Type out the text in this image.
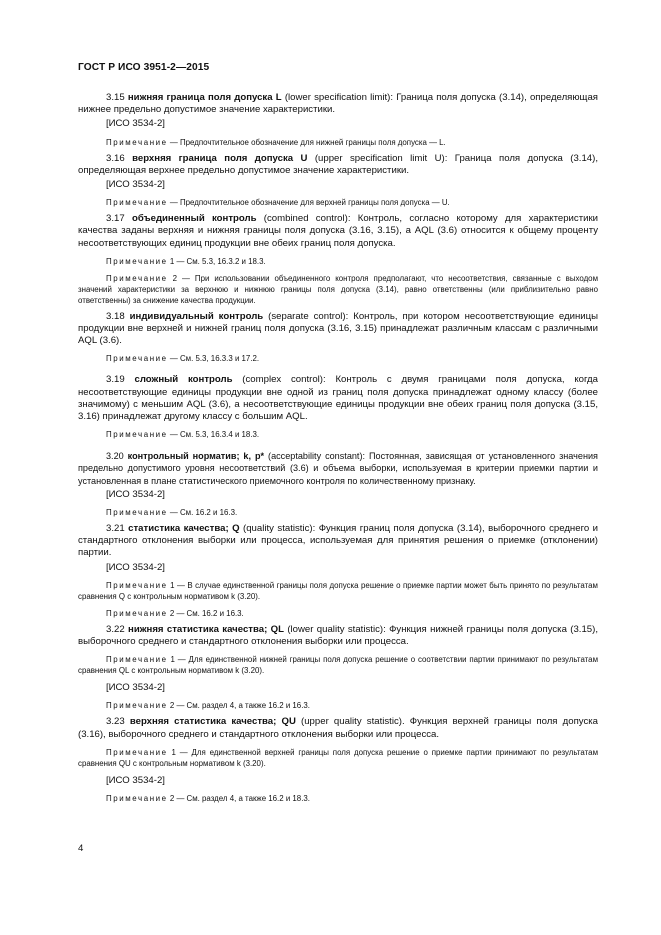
ГОСТ Р ИСО 3951-2—2015

3.15 нижняя граница поля допуска L (lower specification limit): Граница поля допуска (3.14), определяющая нижнее предельно допустимое значение характеристики.

[ИСО 3534-2]

Примечание — Предпочтительное обозначение для нижней границы поля допуска — L.

3.16 верхняя граница поля допуска U (upper specification limit U): Граница поля допуска (3.14), определяющая верхнее предельно допустимое значение характеристики.

[ИСО 3534-2]

Примечание — Предпочтительное обозначение для верхней границы поля допуска — U.

3.17 объединенный контроль (combined control): Контроль, согласно которому для характеристики качества заданы верхняя и нижняя границы поля допуска (3.16, 3.15), а AQL (3.6) относится к общему проценту несоответствующих единиц продукции вне обеих границ поля допуска.

Примечание 1 — См. 5.3, 16.3.2 и 18.3.

Примечание 2 — При использовании объединенного контроля предполагают, что несоответствия, связанные с выходом значений характеристики за верхнюю и нижнюю границы поля допуска (3.14), равно ответственны (или приблизительно равно ответственны) за снижение качества продукции.

3.18 индивидуальный контроль (separate control): Контроль, при котором несоответствующие единицы продукции вне верхней и нижней границ поля допуска (3.16, 3.15) принадлежат различным классам с различными AQL (3.6).

Примечание — См. 5.3, 16.3.3 и 17.2.

3.19 сложный контроль (complex control): Контроль с двумя границами поля допуска, когда несоответствующие единицы продукции вне одной из границ поля допуска принадлежат одному классу (более значимому) с меньшим AQL (3.6), а несоответствующие единицы продукции вне обеих границ поля допуска (3.15, 3.16) принадлежат другому классу с большим AQL.

Примечание — См. 5.3, 16.3.4 и 18.3.

3.20 контрольный норматив; k, p* (acceptability constant): Постоянная, зависящая от установленного значения предельно допустимого уровня несоответствий (3.6) и объема выборки, используемая в критерии приемки партии и установленная в плане статистического приемочного контроля по количественному признаку.

[ИСО 3534-2]

Примечание — См. 16.2 и 16.3.

3.21 статистика качества; Q (quality statistic): Функция границ поля допуска (3.14), выборочного среднего и стандартного отклонения выборки или процесса, используемая для принятия решения о приемке (отклонении) партии.

[ИСО 3534-2]

Примечание 1 — В случае единственной границы поля допуска решение о приемке партии может быть принято по результатам сравнения Q с контрольным нормативом k (3.20).

Примечание 2 — См. 16.2 и 16.3.

3.22 нижняя статистика качества; QL (lower quality statistic): Функция нижней границы поля допуска (3.15), выборочного среднего и стандартного отклонения выборки или процесса.

Примечание 1 — Для единственной нижней границы поля допуска решение о соответствии партии принимают по результатам сравнения QL с контрольным нормативом k (3.20).

[ИСО 3534-2]

Примечание 2 — См. раздел 4, а также 16.2 и 16.3.

3.23 верхняя статистика качества; QU (upper quality statistic). Функция верхней границы поля допуска (3.16), выборочного среднего и стандартного отклонения выборки или процесса.

Примечание 1 — Для единственной верхней границы поля допуска решение о приемке партии принимают по результатам сравнения QU с контрольным нормативом k (3.20).

[ИСО 3534-2]

Примечание 2 — См. раздел 4, а также 16.2 и 18.3.

4
